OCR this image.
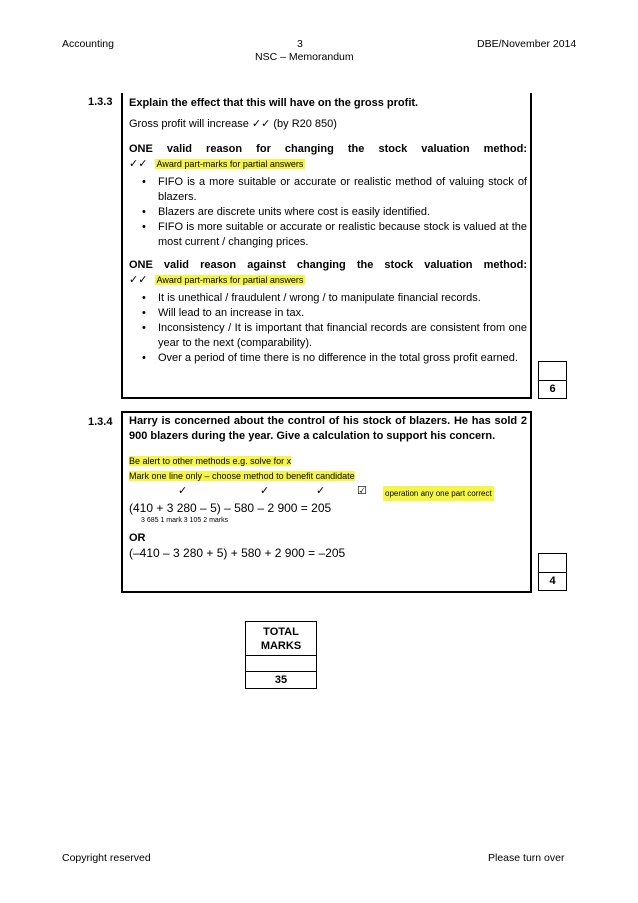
Accounting	3	DBE/November 2014
NSC – Memorandum
1.3.3 Explain the effect that this will have on the gross profit.
Gross profit will increase ✓✓ (by R20 850)
ONE valid reason for changing the stock valuation method:
✓✓ Award part-marks for partial answers
• FIFO is a more suitable or accurate or realistic method of valuing stock of blazers.
• Blazers are discrete units where cost is easily identified.
• FIFO is more suitable or accurate or realistic because stock is valued at the most current / changing prices.
ONE valid reason against changing the stock valuation method:
✓✓ Award part-marks for partial answers
• It is unethical / fraudulent / wrong / to manipulate financial records.
• Will lead to an increase in tax.
• Inconsistency / It is important that financial records are consistent from one year to the next (comparability).
• Over a period of time there is no difference in the total gross profit earned.
6
1.3.4 Harry is concerned about the control of his stock of blazers. He has sold 2 900 blazers during the year. Give a calculation to support his concern.
Be alert to other methods e.g. solve for x
Mark one line only – choose method to benefit candidate
✓	✓	✓	☑ operation any one part correct
(410 + 3 280 – 5) – 580 – 2 900 = 205
3 685 1 mark 3 105 2 marks
OR
(–410 – 3 280 + 5) + 580 + 2 900 = –205
4
TOTAL
MARKS
35
Copyright reserved	Please turn over
